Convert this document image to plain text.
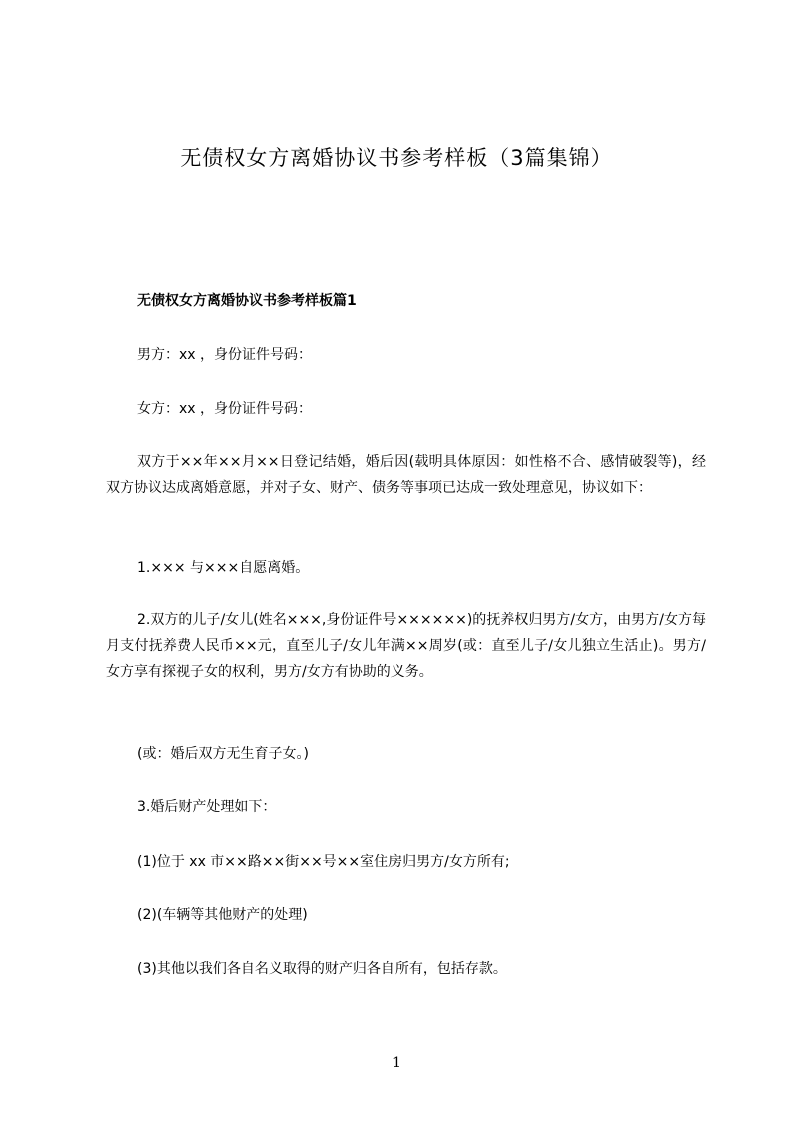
无债权女方离婚协议书参考样板（3篇集锦）
无债权女方离婚协议书参考样板篇1
男方：xx ，身份证件号码：
女方：xx ，身份证件号码：
双方于××年××月××日登记结婚，婚后因(载明具体原因：如性格不合、感情破裂等)，经双方协议达成离婚意愿，并对子女、财产、债务等事项已达成一致处理意见，协议如下：
1.××× 与×××自愿离婚。
2.双方的儿子/女儿(姓名×××,身份证件号××××××)的抚养权归男方/女方，由男方/女方每月支付抚养费人民币××元，直至儿子/女儿年满××周岁(或：直至儿子/女儿独立生活止)。男方/女方享有探视子女的权利，男方/女方有协助的义务。
(或：婚后双方无生育子女。)
3.婚后财产处理如下：
(1)位于 xx 市××路××街××号××室住房归男方/女方所有;
(2)(车辆等其他财产的处理)
(3)其他以我们各自名义取得的财产归各自所有，包括存款。
1
